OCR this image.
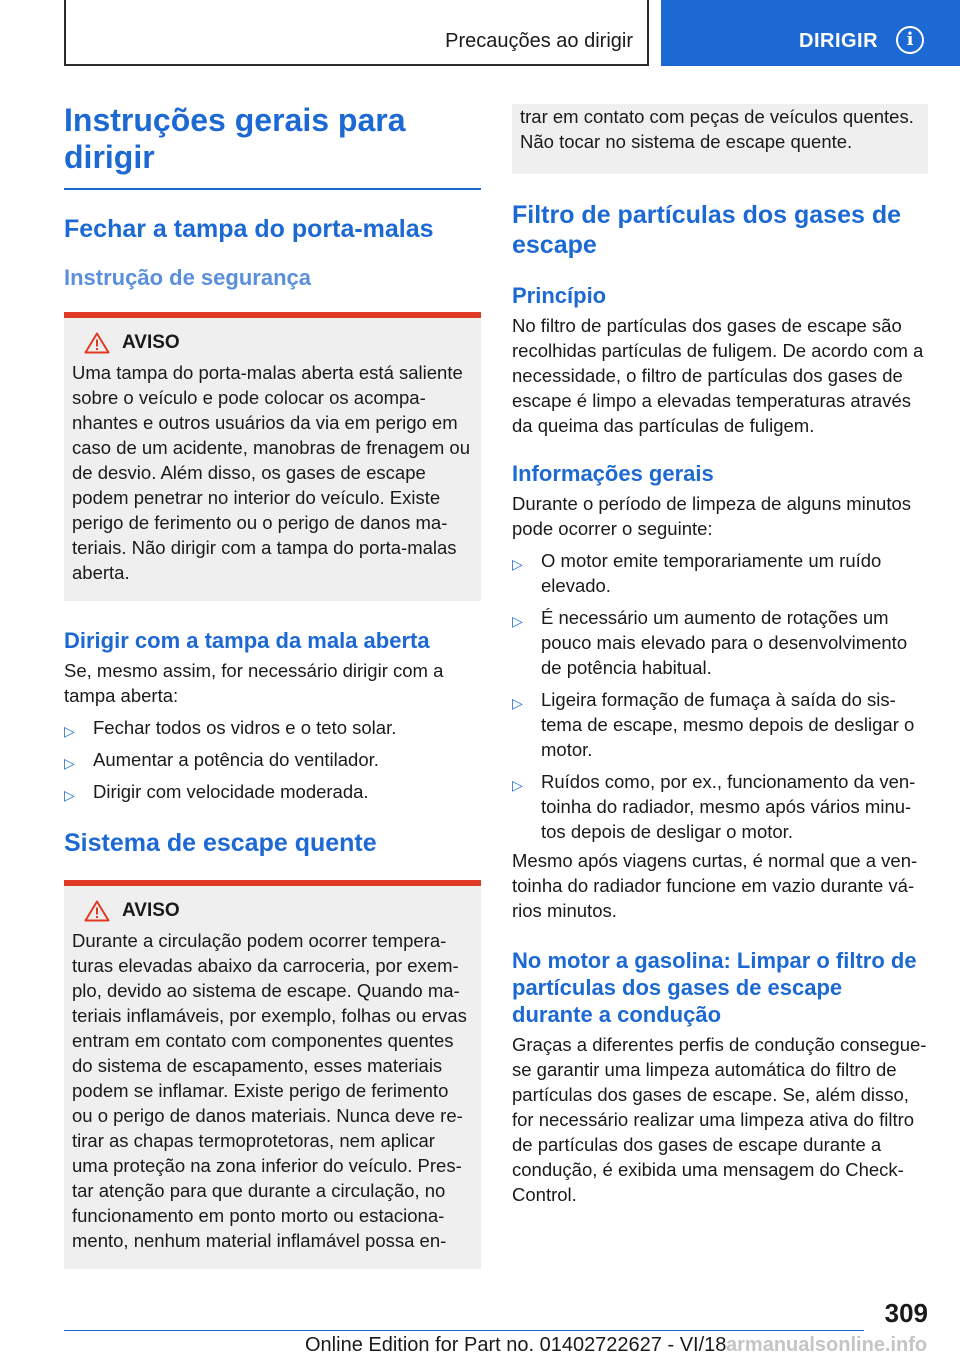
Precauções ao dirigir	DIRIGIR	i
Instruções gerais para dirigir
Fechar a tampa do porta-malas
Instrução de segurança
AVISO

Uma tampa do porta-malas aberta está saliente sobre o veículo e pode colocar os acompanhantes e outros usuários da via em perigo em caso de um acidente, manobras de frenagem ou de desvio. Além disso, os gases de escape podem penetrar no interior do veículo. Existe perigo de ferimento ou o perigo de danos materiais. Não dirigir com a tampa do porta-malas aberta.

Dirigir com a tampa da mala aberta

Se, mesmo assim, for necessário dirigir com a tampa aberta:

▷ Fechar todos os vidros e o teto solar.
▷ Aumentar a potência do ventilador.
▷ Dirigir com velocidade moderada.
Sistema de escape quente
AVISO

Durante a circulação podem ocorrer temperaturas elevadas abaixo da carroceria, por exemplo, devido ao sistema de escape. Quando materiais inflamáveis, por exemplo, folhas ou ervas entram em contato com componentes quentes do sistema de escapamento, esses materiais podem se inflamar. Existe perigo de ferimento ou o perigo de danos materiais. Nunca deve retirar as chapas termoprotetoras, nem aplicar uma proteção na zona inferior do veículo. Prestar atenção para que durante a circulação, no funcionamento em ponto morto ou estacionamento, nenhum material inflamável possa en-

trar em contato com peças de veículos quentes. Não tocar no sistema de escape quente.

Filtro de partículas dos gases de escape
Princípio

No filtro de partículas dos gases de escape são recolhidas partículas de fuligem. De acordo com a necessidade, o filtro de partículas dos gases de escape é limpo a elevadas temperaturas através da queima das partículas de fuligem.

Informações gerais

Durante o período de limpeza de alguns minutos pode ocorrer o seguinte:

▷ O motor emite temporariamente um ruído elevado.
▷ É necessário um aumento de rotações um pouco mais elevado para o desenvolvimento de potência habitual.
▷ Ligeira formação de fumaça à saída do sistema de escape, mesmo depois de desligar o motor.
▷ Ruídos como, por ex., funcionamento da ventoinha do radiador, mesmo após vários minutos depois de desligar o motor.

Mesmo após viagens curtas, é normal que a ventoinha do radiador funcione em vazio durante vários minutos.

No motor a gasolina: Limpar o filtro de partículas dos gases de escape durante a condução

Graças a diferentes perfis de condução consegue-se garantir uma limpeza automática do filtro de partículas dos gases de escape. Se, além disso, for necessário realizar uma limpeza ativa do filtro de partículas dos gases de escape durante a condução, é exibida uma mensagem do Check-Control.

309
Online Edition for Part no. 01402722627 - VI/18 armanualsonline.info
